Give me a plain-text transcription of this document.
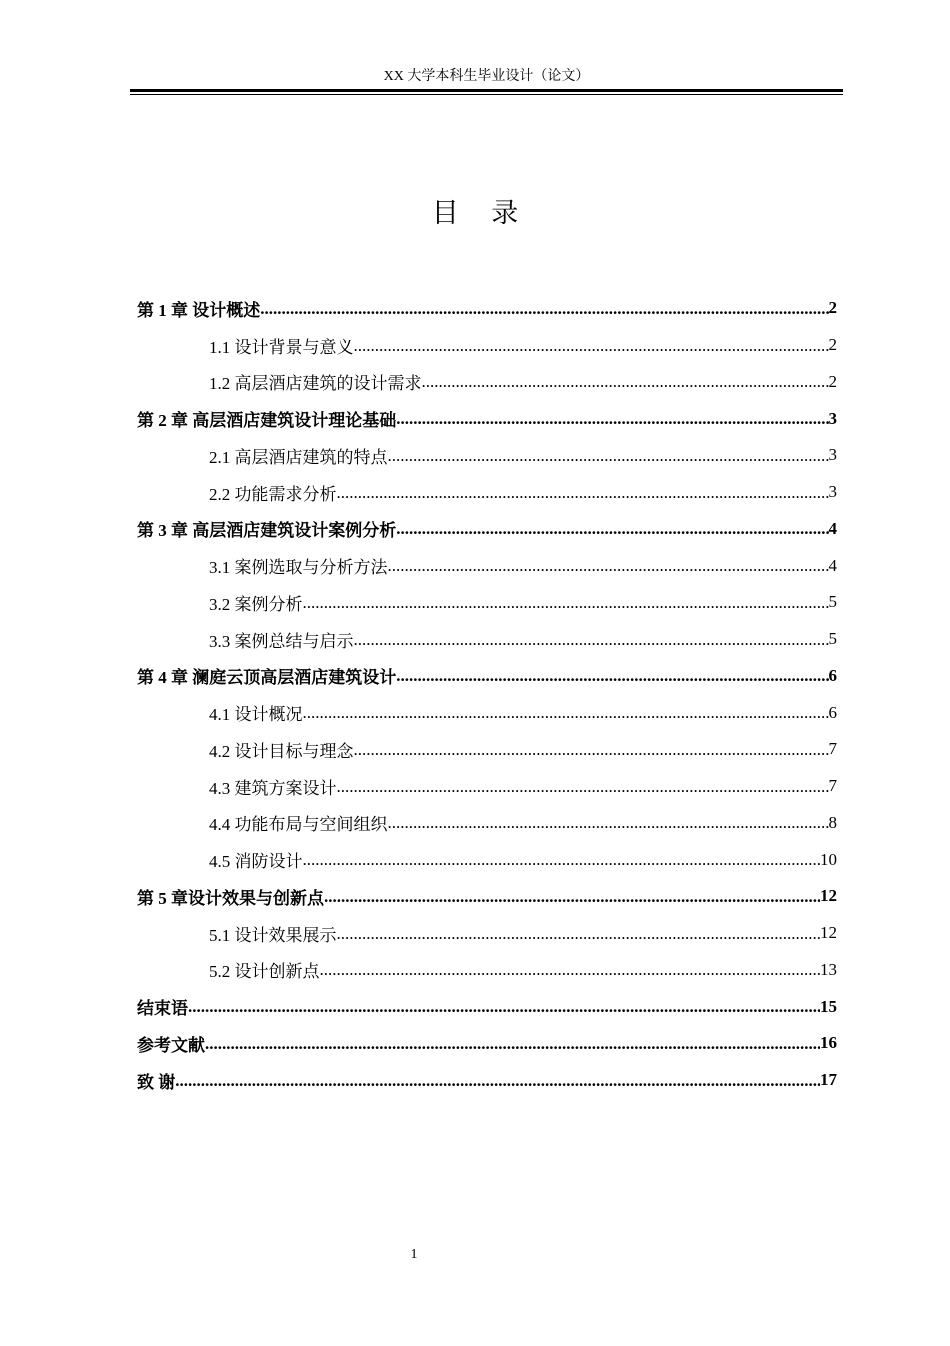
XX 大学本科生毕业设计（论文）
目 录
第 1 章 设计概述 .....	2
1.1 设计背景与意义 .....	2
1.2 高层酒店建筑的设计需求 .....	2
第 2 章 高层酒店建筑设计理论基础 .....	3
2.1 高层酒店建筑的特点 .....	3
2.2 功能需求分析 .....	3
第 3 章 高层酒店建筑设计案例分析 .....	4
3.1 案例选取与分析方法 .....	4
3.2 案例分析 .....	5
3.3 案例总结与启示 .....	5
第 4 章 澜庭云顶高层酒店建筑设计 .....	6
4.1 设计概况 .....	6
4.2 设计目标与理念 .....	7
4.3 建筑方案设计 .....	7
4.4 功能布局与空间组织 .....	8
4.5 消防设计 .....	10
第 5 章设计效果与创新点 .....	12
5.1 设计效果展示 .....	12
5.2 设计创新点 .....	13
结束语 .....	15
参考文献 .....	16
致 谢 .....	17
1
